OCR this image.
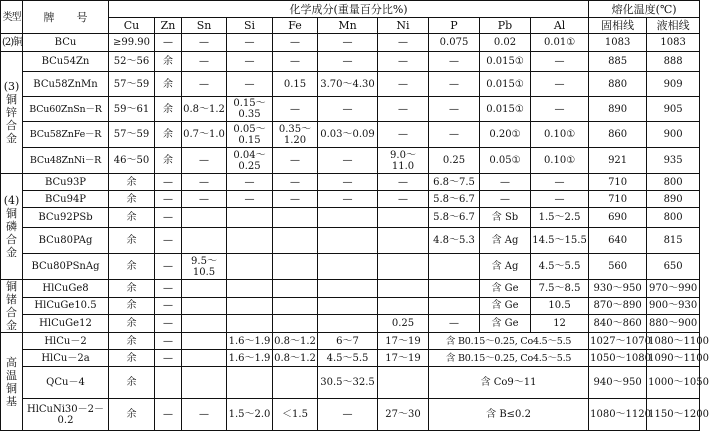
类型	牌　　号	化学成分(重量百分比%)										熔化温度(℃)	
		Cu	Zn	Sn	Si	Fe	Mn	Ni	P	Pb	Al	固相线	液相线
(2)铜	BCu	≥99.90	—	—	—	—	—	—	0.075	0.02	0.01①	1083	1083
(3) 铜锌合金	BCu54Zn	52～56	余	—	—	—	—	—	—	0.015①	—	885	888
	BCu58ZnMn	57～59	余	—	—	0.15	3.70～4.30	—	—	0.015①	—	880	909
	BCu60ZnSn－R	59～61	余	0.8～1.2	0.15～0.35	—	—	—	—	0.015①	—	890	905
	BCu58ZnFe－R	57～59	余	0.7～1.0	0.05～0.15	0.35～1.20	0.03～0.09	—	—	0.20①	0.10①	860	900
	BCu48ZnNi－R	46～50	余	—	0.04～0.25	—	—	9.0～11.0	0.25	0.05①	0.10①	921	935
(4) 铜磷合金	BCu93P	余	—	—	—	—	—	—	6.8～7.5	—	—	710	800
	BCu94P	余	—	—	—	—	—	—	5.8～6.7	—	—	710	890
	BCu92PSb	余	—						5.8～6.7	含 Sb	1.5～2.5	690	800
	BCu80PAg	余	—						4.8～5.3	含 Ag	14.5～15.5	640	815
	BCu80PSnAg	余	—	9.5～10.5						含 Ag	4.5～5.5	560	650
铜锗合金	HlCuGe8	余	—							含 Ge	7.5～8.5	930～950	970～990
	HlCuGe10.5	余	—							含 Ge	10.5	870～890	900～930
	HlCuGe12	余	—					0.25	—	含 Ge	12	840～860	880～900
高温铜基	HlCu－2	余	—		1.6～1.9	0.8～1.2	6～7	17～19	含 B0.15～0.25, Co4.5～5.5			1027～1070	1080～1100
	HlCu－2a	余	—		1.6～1.9	0.8～1.2	4.5～5.5	17～19	含 B0.15～0.25, Co4.5～5.5			1050～1080	1090～1100
	QCu－4	余					30.5～32.5		含 Co9～11			940～950	1000～1050
	HlCuNi30－2－0.2	余	—	—	1.5～2.0	＜1.5	—	27～30	含 B≤0.2			1080～1120	1150～1200
